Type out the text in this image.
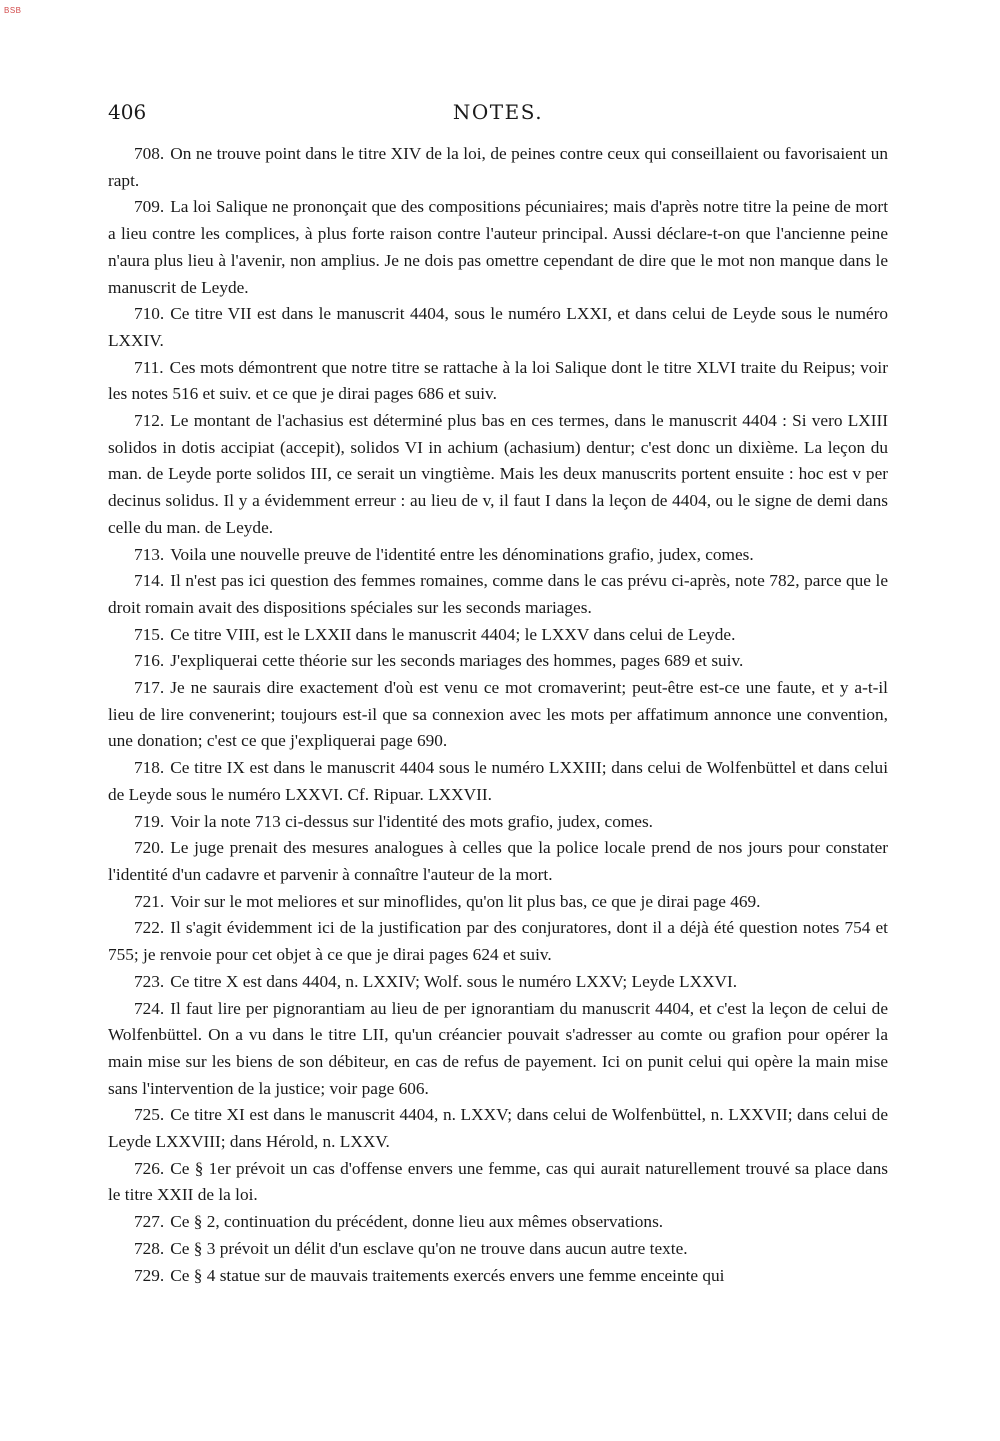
BSB
406	NOTES.

708. On ne trouve point dans le titre XIV de la loi, de peines contre ceux qui conseillaient ou favorisaient un rapt.

709. La loi Salique ne prononçait que des compositions pécuniaires; mais d'après notre titre la peine de mort a lieu contre les complices, à plus forte raison contre l'auteur principal. Aussi déclare-t-on que l'ancienne peine n'aura plus lieu à l'avenir, non amplius. Je ne dois pas omettre cependant de dire que le mot non manque dans le manuscrit de Leyde.

710. Ce titre VII est dans le manuscrit 4404, sous le numéro LXXI, et dans celui de Leyde sous le numéro LXXIV.

711. Ces mots démontrent que notre titre se rattache à la loi Salique dont le titre XLVI traite du Reipus; voir les notes 516 et suiv. et ce que je dirai pages 686 et suiv.

712. Le montant de l'achasius est déterminé plus bas en ces termes, dans le manuscrit 4404 : Si vero LXIII solidos in dotis accipiat (accepit), solidos VI in achium (achasium) dentur; c'est donc un dixième. La leçon du man. de Leyde porte solidos III, ce serait un vingtième. Mais les deux manuscrits portent ensuite : hoc est v per decinus solidus. Il y a évidemment erreur : au lieu de v, il faut I dans la leçon de 4404, ou le signe de demi dans celle du man. de Leyde.

713. Voila une nouvelle preuve de l'identité entre les dénominations grafio, judex, comes.

714. Il n'est pas ici question des femmes romaines, comme dans le cas prévu ci-après, note 782, parce que le droit romain avait des dispositions spéciales sur les seconds mariages.

715. Ce titre VIII, est le LXXII dans le manuscrit 4404; le LXXV dans celui de Leyde.

716. J'expliquerai cette théorie sur les seconds mariages des hommes, pages 689 et suiv.

717. Je ne saurais dire exactement d'où est venu ce mot cromaverint; peut-être est-ce une faute, et y a-t-il lieu de lire convenerint; toujours est-il que sa connexion avec les mots per affatimum annonce une convention, une donation; c'est ce que j'expliquerai page 690.

718. Ce titre IX est dans le manuscrit 4404 sous le numéro LXXIII; dans celui de Wolfenbüttel et dans celui de Leyde sous le numéro LXXVI. Cf. Ripuar. LXXVII.

719. Voir la note 713 ci-dessus sur l'identité des mots grafio, judex, comes.

720. Le juge prenait des mesures analogues à celles que la police locale prend de nos jours pour constater l'identité d'un cadavre et parvenir à connaître l'auteur de la mort.

721. Voir sur le mot meliores et sur minoflides, qu'on lit plus bas, ce que je dirai page 469.

722. Il s'agit évidemment ici de la justification par des conjuratores, dont il a déjà été question notes 754 et 755; je renvoie pour cet objet à ce que je dirai pages 624 et suiv.

723. Ce titre X est dans 4404, n. LXXIV; Wolf. sous le numéro LXXV; Leyde LXXVI.

724. Il faut lire per pignorantiam au lieu de per ignorantiam du manuscrit 4404, et c'est la leçon de celui de Wolfenbüttel. On a vu dans le titre LII, qu'un créancier pouvait s'adresser au comte ou grafion pour opérer la main mise sur les biens de son débiteur, en cas de refus de payement. Ici on punit celui qui opère la main mise sans l'intervention de la justice; voir page 606.

725. Ce titre XI est dans le manuscrit 4404, n. LXXV; dans celui de Wolfenbüttel, n. LXXVII; dans celui de Leyde LXXVIII; dans Hérold, n. LXXV.

726. Ce § 1er prévoit un cas d'offense envers une femme, cas qui aurait naturellement trouvé sa place dans le titre XXII de la loi.

727. Ce § 2, continuation du précédent, donne lieu aux mêmes observations.

728. Ce § 3 prévoit un délit d'un esclave qu'on ne trouve dans aucun autre texte.

729. Ce § 4 statue sur de mauvais traitements exercés envers une femme enceinte qui
